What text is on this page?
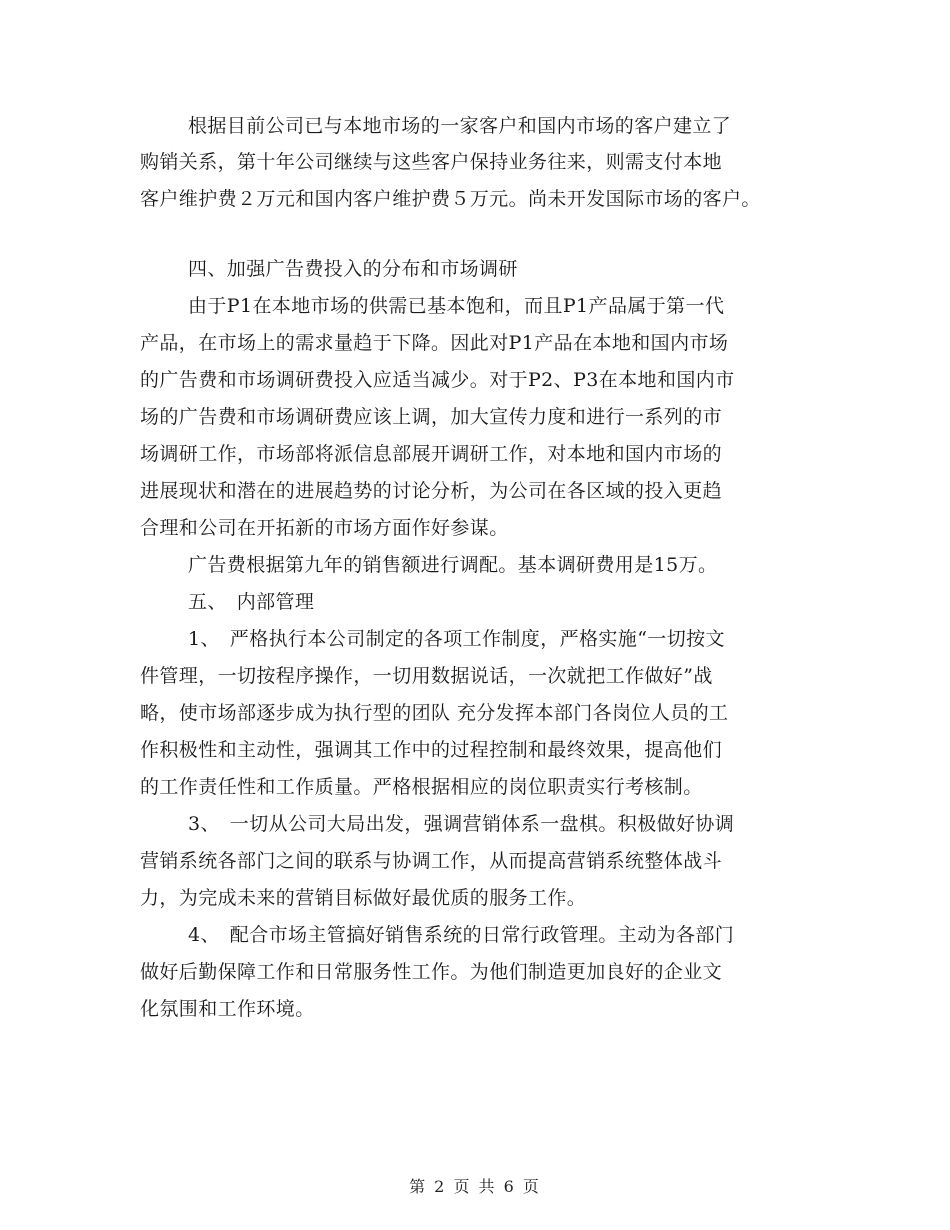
根据目前公司已与本地市场的一家客户和国内市场的客户建立了
购销关系，第十年公司继续与这些客户保持业务往来，则需支付本地
客户维护费２万元和国内客户维护费５万元。尚未开发国际市场的客户。
四、加强广告费投入的分布和市场调研
由于P1在本地市场的供需已基本饱和，而且P1产品属于第一代
产品，在市场上的需求量趋于下降。因此对P1产品在本地和国内市场
的广告费和市场调研费投入应适当减少。对于P2、P3在本地和国内市
场的广告费和市场调研费应该上调，加大宣传力度和进行一系列的市
场调研工作，市场部将派信息部展开调研工作，对本地和国内市场的
进展现状和潜在的进展趋势的讨论分析，为公司在各区域的投入更趋
合理和公司在开拓新的市场方面作好参谋。
广告费根据第九年的销售额进行调配。基本调研费用是15万。
五、　内部管理
1、　严格执行本公司制定的各项工作制度，严格实施“一切按文
件管理，一切按程序操作，一切用数据说话，一次就把工作做好”战
略，使市场部逐步成为执行型的团队 充分发挥本部门各岗位人员的工
作积极性和主动性，强调其工作中的过程控制和最终效果，提高他们
的工作责任性和工作质量。严格根据相应的岗位职责实行考核制。
3、　一切从公司大局出发，强调营销体系一盘棋。积极做好协调
营销系统各部门之间的联系与协调工作，从而提高营销系统整体战斗
力，为完成未来的营销目标做好最优质的服务工作。
4、　配合市场主管搞好销售系统的日常行政管理。主动为各部门
做好后勤保障工作和日常服务性工作。为他们制造更加良好的企业文
化氛围和工作环境。
第 2 页 共 6 页
